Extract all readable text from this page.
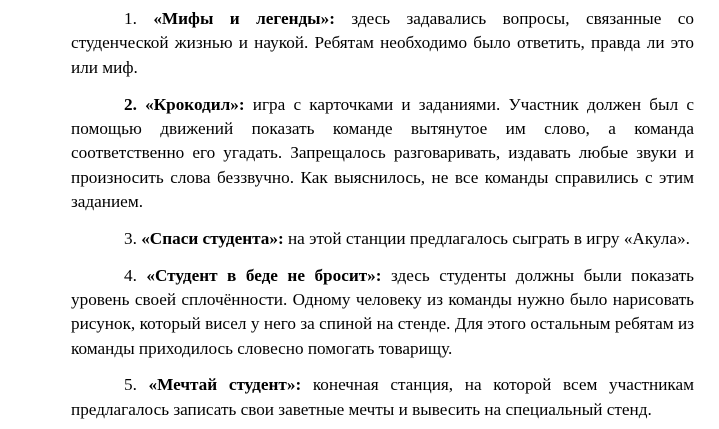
1. «Мифы и легенды»: здесь задавались вопросы, связанные со студенческой жизнью и наукой. Ребятам необходимо было ответить, правда ли это или миф.

2. «Крокодил»: игра с карточками и заданиями. Участник должен был с помощью движений показать команде вытянутое им слово, а команда соответственно его угадать. Запрещалось разговаривать, издавать любые звуки и произносить слова беззвучно. Как выяснилось, не все команды справились с этим заданием.

3. «Спаси студента»: на этой станции предлагалось сыграть в игру «Акула».

4. «Студент в беде не бросит»: здесь студенты должны были показать уровень своей сплочённости. Одному человеку из команды нужно было нарисовать рисунок, который висел у него за спиной на стенде. Для этого остальным ребятам из команды приходилось словесно помогать товарищу.

5. «Мечтай студент»: конечная станция, на которой всем участникам предлагалось записать свои заветные мечты и вывесить на специальный стенд.
